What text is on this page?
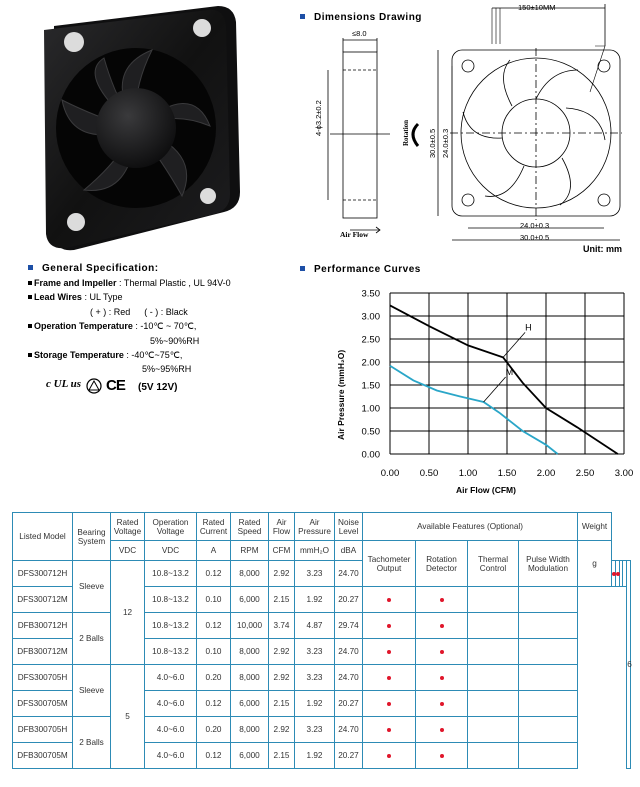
Dimensions Drawing
≤8.0
4-ϕ3.2±0.2
Air Flow
150±10MM
Rotation 30.0±0.5 24.0±0.3
24.0±0.3
30.0±0.5
Unit: mm
General Specification:
Frame and Impeller : Thermal Plastic , UL 94V-0
Lead Wires : UL Type
( + ) : Red ( - ) : Black
Operation Temperature : -10℃ ~ 70℃,
5%~90%RH
Storage Temperature : -40℃~75℃,
5%~95%RH
c UL us CE (5V 12V)
Performance Curves
0.00 0.50 1.00 1.50 2.00 2.50 3.00
0.00
0.50
1.00
1.50
2.00
2.50
3.00
3.50
H
M
Air Flow (CFM)
Air Pressure (mmH₂O)
Listed Model	Bearing System	Rated Voltage	Operation Voltage	Rated Current	Rated Speed	Air Flow	Air Pressure	Noise Level	Available Features (Optional)				Weight					
		VDC	VDC	A	RPM	CFM	mmH₂O	dBA	Tachometer Output	Rotation Detector	Thermal Control	Pulse Width Modulation	g					
DFS300712H	Sleeve	12	10.8~13.2	0.12	8,000	2.92	3.23	24.70										6
DFS300712M			10.8~13.2	0.10	6,000	2.15	1.92	20.27										
DFB300712H	2 Balls		10.8~13.2	0.12	10,000	3.74	4.87	29.74										
DFB300712M			10.8~13.2	0.10	8,000	2.92	3.23	24.70										
DFS300705H	Sleeve	5	4.0~6.0	0.20	8,000	2.92	3.23	24.70										
DFS300705M			4.0~6.0	0.12	6,000	2.15	1.92	20.27										
DFB300705H	2 Balls		4.0~6.0	0.20	8,000	2.92	3.23	24.70										
DFB300705M			4.0~6.0	0.12	6,000	2.15	1.92	20.27										
